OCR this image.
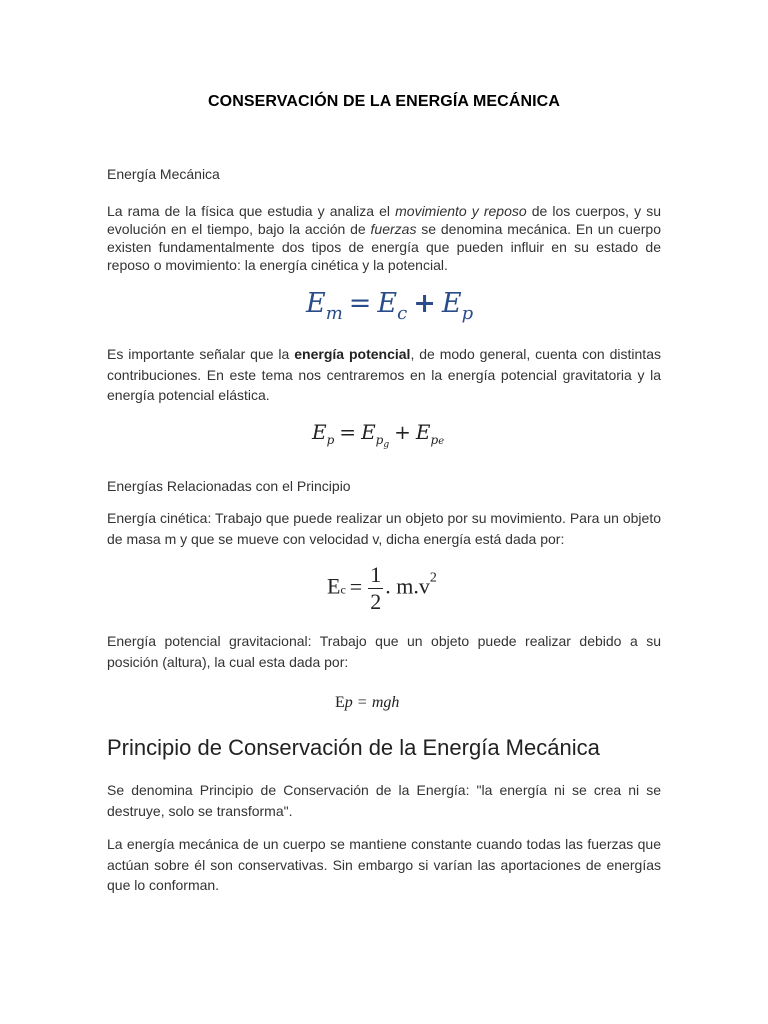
CONSERVACIÓN DE LA ENERGÍA MECÁNICA
Energía Mecánica
La rama de la física que estudia y analiza el movimiento y reposo de los cuerpos, y su evolución en el tiempo, bajo la acción de fuerzas se denomina mecánica. En un cuerpo existen fundamentalmente dos tipos de energía que pueden influir en su estado de reposo o movimiento: la energía cinética y la potencial.
$E_m = E_c + E_p$
Es importante señalar que la energía potencial, de modo general, cuenta con distintas contribuciones. En este tema nos centraremos en la energía potencial gravitatoria y la energía potencial elástica.
$E_p = E_{p_g}+ E_{pe}$
Energías Relacionadas con el Principio
Energía cinética: Trabajo que puede realizar un objeto por su movimiento. Para un objeto de masa m y que se mueve con velocidad v, dicha energía está dada por:
$Ec = \frac{1}{2}$ . $m.v^2$
Energía potencial gravitacional: Trabajo que un objeto puede realizar debido a su posición (altura), la cual esta dada por:
Ep = mgh
Principio de Conservación de la Energía Mecánica
Se denomina Principio de Conservación de la Energía: "la energía ni se crea ni se destruye, solo se transforma".
La energía mecánica de un cuerpo se mantiene constante cuando todas las fuerzas que actúan sobre él son conservativas. Sin embargo si varían las aportaciones de energías que lo conforman.
